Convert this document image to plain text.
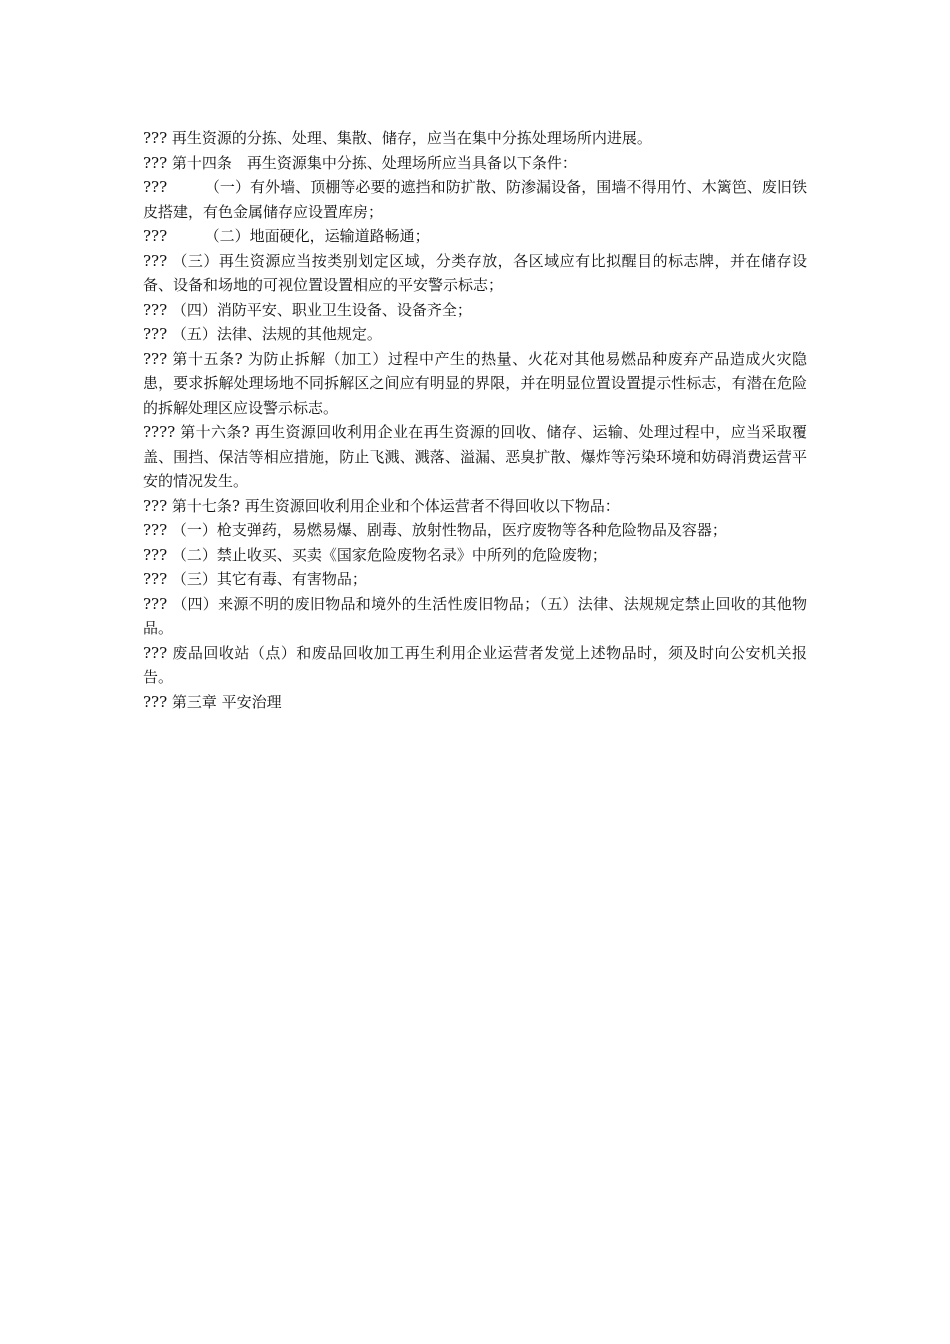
??? 再生资源的分拣、处理、集散、储存，应当在集中分拣处理场所内进展。

??? 第十四条　再生资源集中分拣、处理场所应当具备以下条件：

???　　　（一）有外墙、顶棚等必要的遮挡和防扩散、防渗漏设备，围墙不得用竹、木篱笆、废旧铁皮搭建，有色金属储存应设置库房；

???　　　（二）地面硬化，运输道路畅通；

??? （三）再生资源应当按类别划定区域，分类存放，各区域应有比拟醒目的标志牌，并在储存设备、设备和场地的可视位置设置相应的平安警示标志；

??? （四）消防平安、职业卫生设备、设备齐全；

??? （五）法律、法规的其他规定。

??? 第十五条? 为防止拆解（加工）过程中产生的热量、火花对其他易燃品种废弃产品造成火灾隐患，要求拆解处理场地不同拆解区之间应有明显的界限，并在明显位置设置提示性标志，有潜在危险的拆解处理区应设警示标志。

???? 第十六条? 再生资源回收利用企业在再生资源的回收、储存、运输、处理过程中，应当采取覆盖、围挡、保洁等相应措施，防止飞溅、溅落、溢漏、恶臭扩散、爆炸等污染环境和妨碍消费运营平安的情况发生。

??? 第十七条? 再生资源回收利用企业和个体运营者不得回收以下物品：

??? （一）枪支弹药，易燃易爆、剧毒、放射性物品，医疗废物等各种危险物品及容器；

??? （二）禁止收买、买卖《国家危险废物名录》中所列的危险废物；

??? （三）其它有毒、有害物品；

??? （四）来源不明的废旧物品和境外的生活性废旧物品；（五）法律、法规规定禁止回收的其他物品。

??? 废品回收站（点）和废品回收加工再生利用企业运营者发觉上述物品时，须及时向公安机关报告。

??? 第三章 平安治理
